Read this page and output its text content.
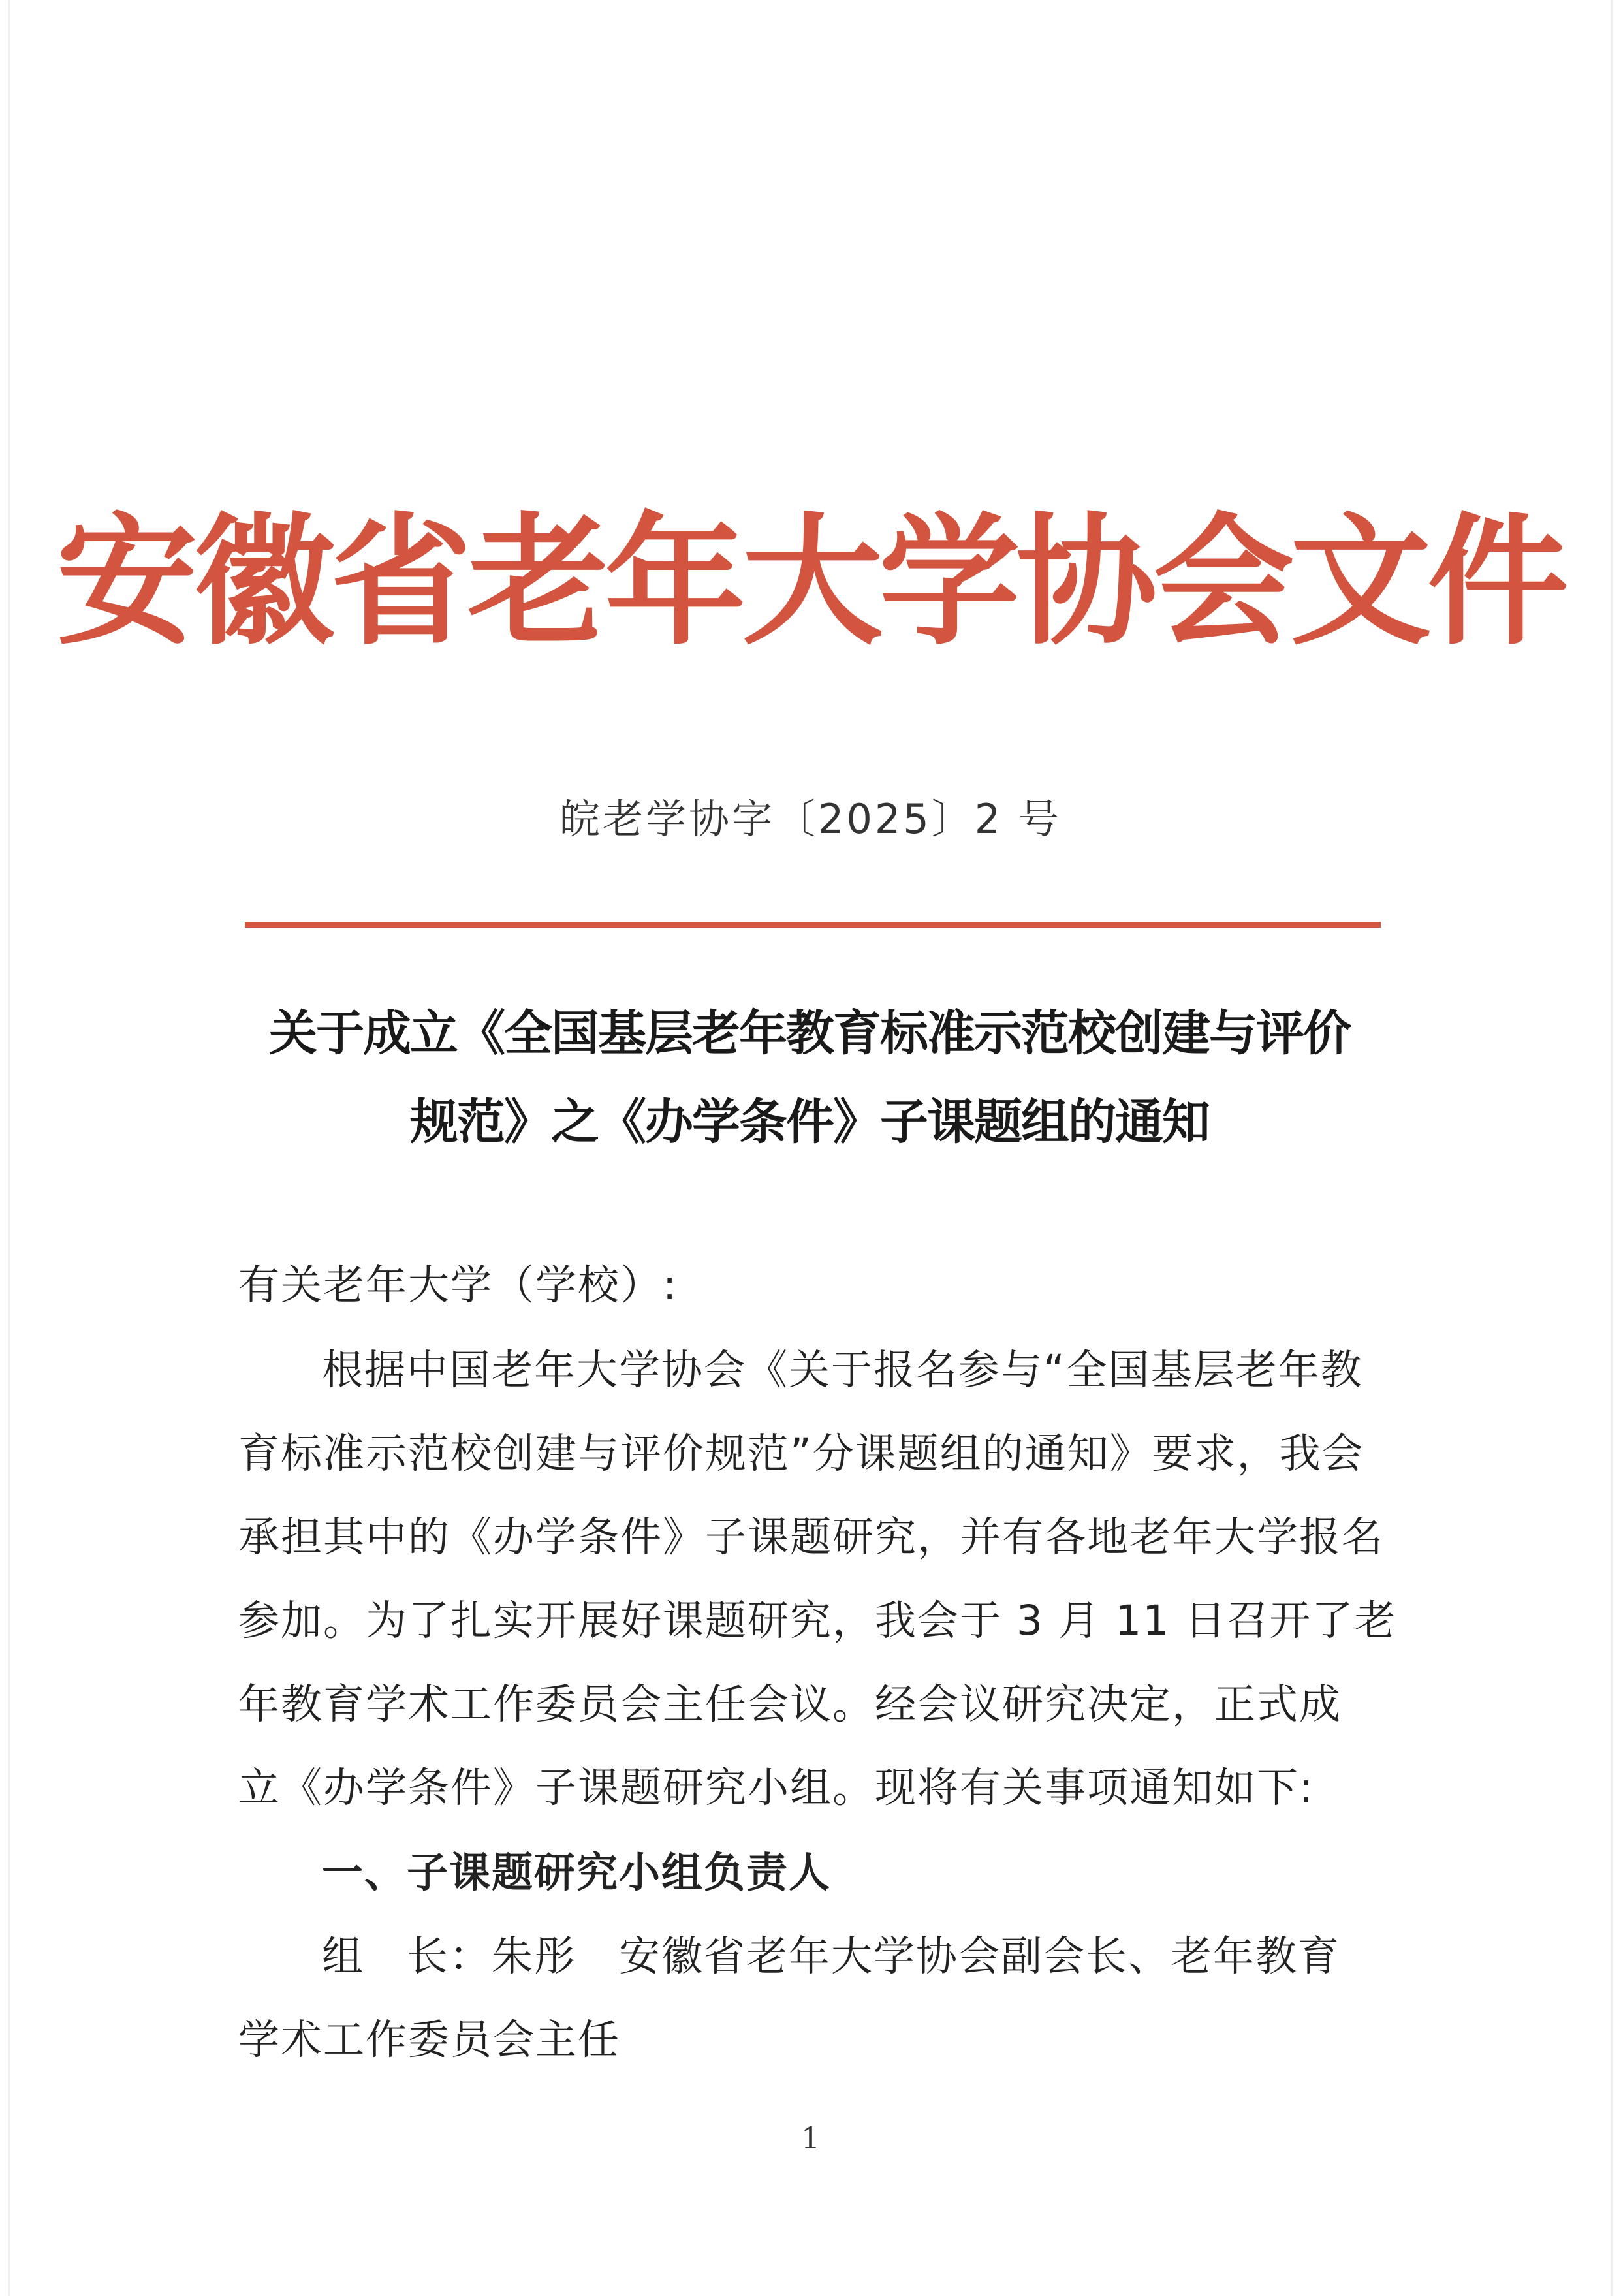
安徽省老年大学协会文件
皖老学协字〔2025〕2 号
关于成立《全国基层老年教育标准示范校创建与评价
规范》之《办学条件》子课题组的通知
有关老年大学（学校）:
根据中国老年大学协会《关于报名参与“全国基层老年教
育标准示范校创建与评价规范”分课题组的通知》要求，我会
承担其中的《办学条件》子课题研究，并有各地老年大学报名
参加。为了扎实开展好课题研究，我会于 3 月 11 日召开了老
年教育学术工作委员会主任会议。经会议研究决定，正式成
立《办学条件》子课题研究小组。现将有关事项通知如下:
一、子课题研究小组负责人
组　长：朱彤　安徽省老年大学协会副会长、老年教育
学术工作委员会主任
1
